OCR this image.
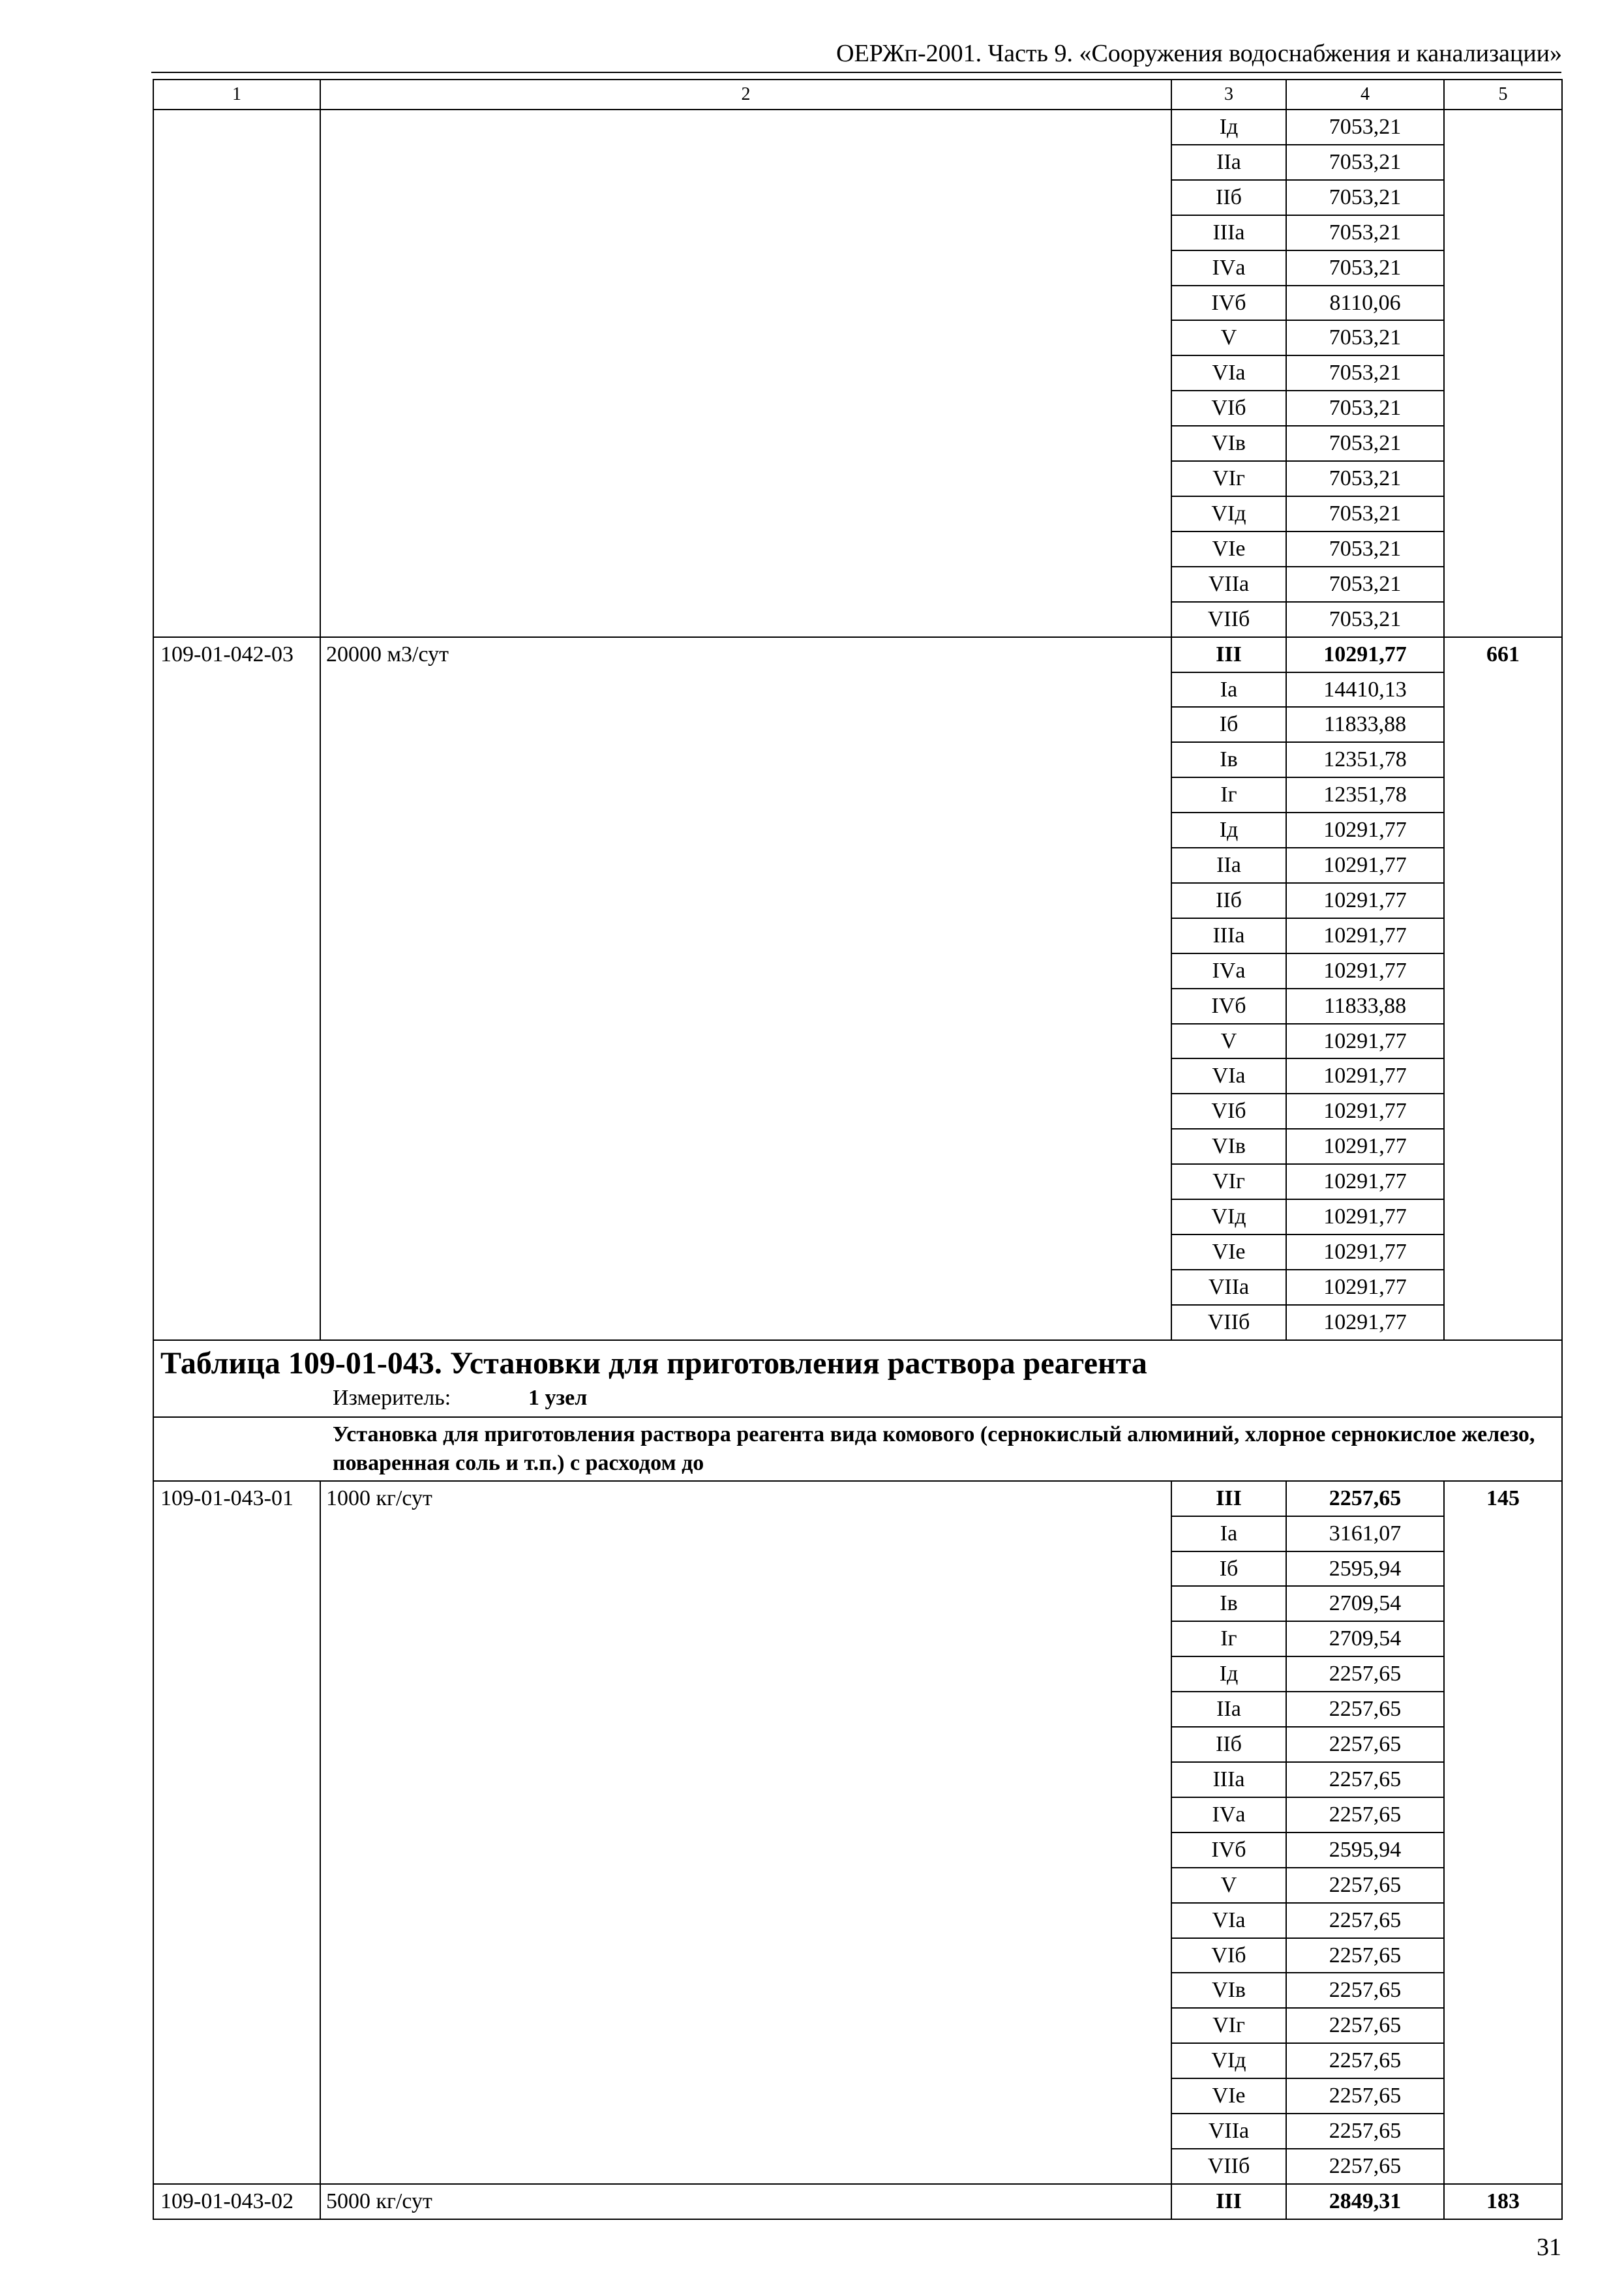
ОЕРЖп-2001. Часть 9. «Сооружения водоснабжения и канализации»
1	2	3	4	5
		Iд	7053,21	
		IIа	7053,21	
		IIб	7053,21	
		IIIа	7053,21	
		IVа	7053,21	
		IVб	8110,06	
		V	7053,21	
		VIа	7053,21	
		VIб	7053,21	
		VIв	7053,21	
		VIг	7053,21	
		VIд	7053,21	
		VIе	7053,21	
		VIIа	7053,21	
		VIIб	7053,21	
109-01-042-03	20000 м3/сут	III	10291,77	661
		Iа	14410,13	
		Iб	11833,88	
		Iв	12351,78	
		Iг	12351,78	
		Iд	10291,77	
		IIа	10291,77	
		IIб	10291,77	
		IIIа	10291,77	
		IVа	10291,77	
		IVб	11833,88	
		V	10291,77	
		VIа	10291,77	
		VIб	10291,77	
		VIв	10291,77	
		VIг	10291,77	
		VIд	10291,77	
		VIе	10291,77	
		VIIа	10291,77	
		VIIб	10291,77	

Таблица 109-01-043. Установки для приготовления раствора реагента
Измеритель: 1 узел				

Установка для приготовления раствора реагента вида комового (сернокислый алюминий, хлорное сернокислое железо, поваренная соль и т.п.) с расходом до				

109-01-043-01	1000 кг/сут	III	2257,65	145
		Iа	3161,07	
		Iб	2595,94	
		Iв	2709,54	
		Iг	2709,54	
		Iд	2257,65	
		IIа	2257,65	
		IIб	2257,65	
		IIIа	2257,65	
		IVа	2257,65	
		IVб	2595,94	
		V	2257,65	
		VIа	2257,65	
		VIб	2257,65	
		VIв	2257,65	
		VIг	2257,65	
		VIд	2257,65	
		VIе	2257,65	
		VIIа	2257,65	
		VIIб	2257,65	
109-01-043-02	5000 кг/сут	III	2849,31	183
31
